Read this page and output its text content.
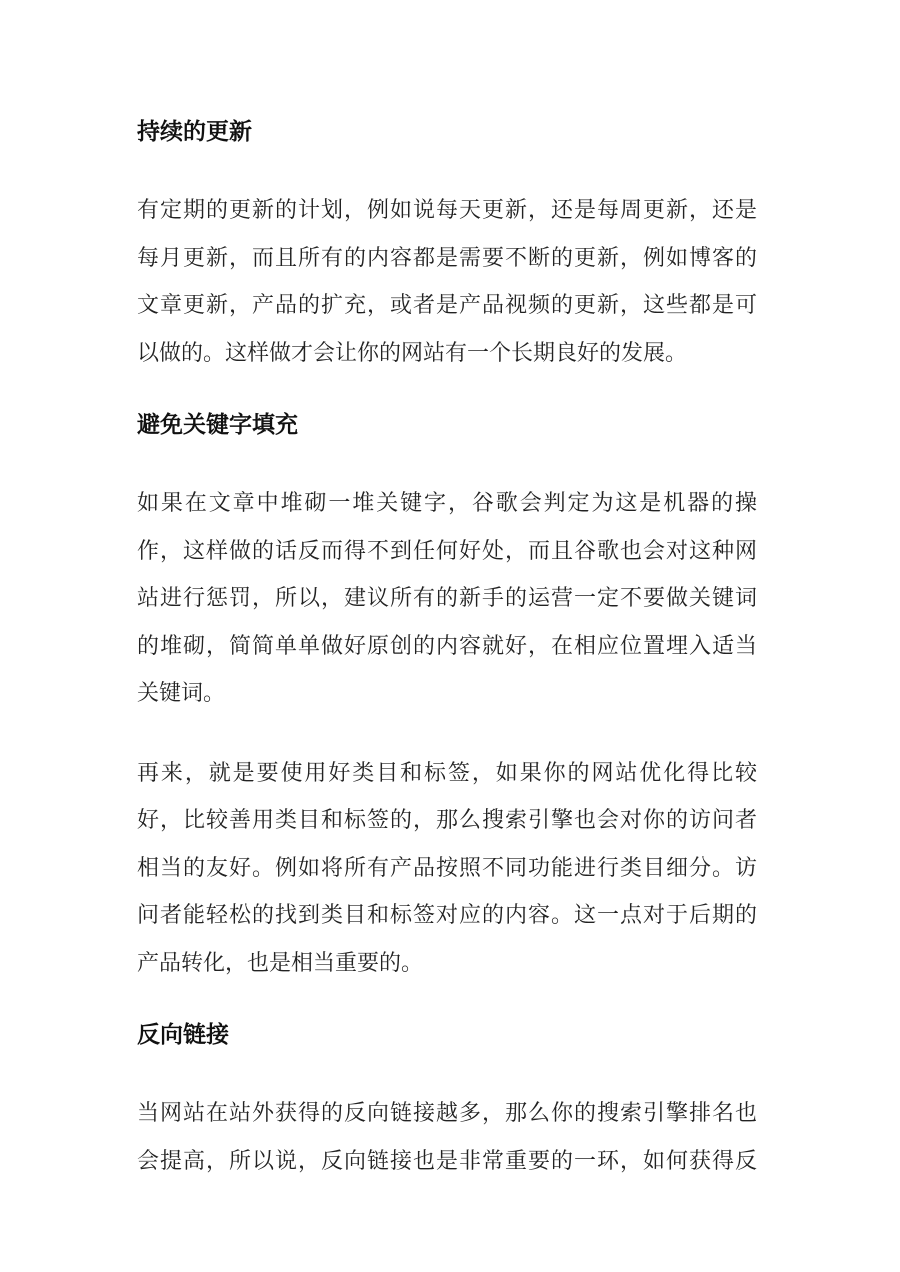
持续的更新

有定期的更新的计划，例如说每天更新，还是每周更新，还是
每月更新，而且所有的内容都是需要不断的更新，例如博客的
文章更新，产品的扩充，或者是产品视频的更新，这些都是可
以做的。这样做才会让你的网站有一个长期良好的发展。

避免关键字填充

如果在文章中堆砌一堆关键字，谷歌会判定为这是机器的操
作，这样做的话反而得不到任何好处，而且谷歌也会对这种网
站进行惩罚，所以，建议所有的新手的运营一定不要做关键词
的堆砌，简简单单做好原创的内容就好，在相应位置埋入适当
关键词。

再来，就是要使用好类目和标签，如果你的网站优化得比较
好，比较善用类目和标签的，那么搜索引擎也会对你的访问者
相当的友好。例如将所有产品按照不同功能进行类目细分。访
问者能轻松的找到类目和标签对应的内容。这一点对于后期的
产品转化，也是相当重要的。

反向链接

当网站在站外获得的反向链接越多，那么你的搜索引擎排名也
会提高，所以说，反向链接也是非常重要的一环，如何获得反
